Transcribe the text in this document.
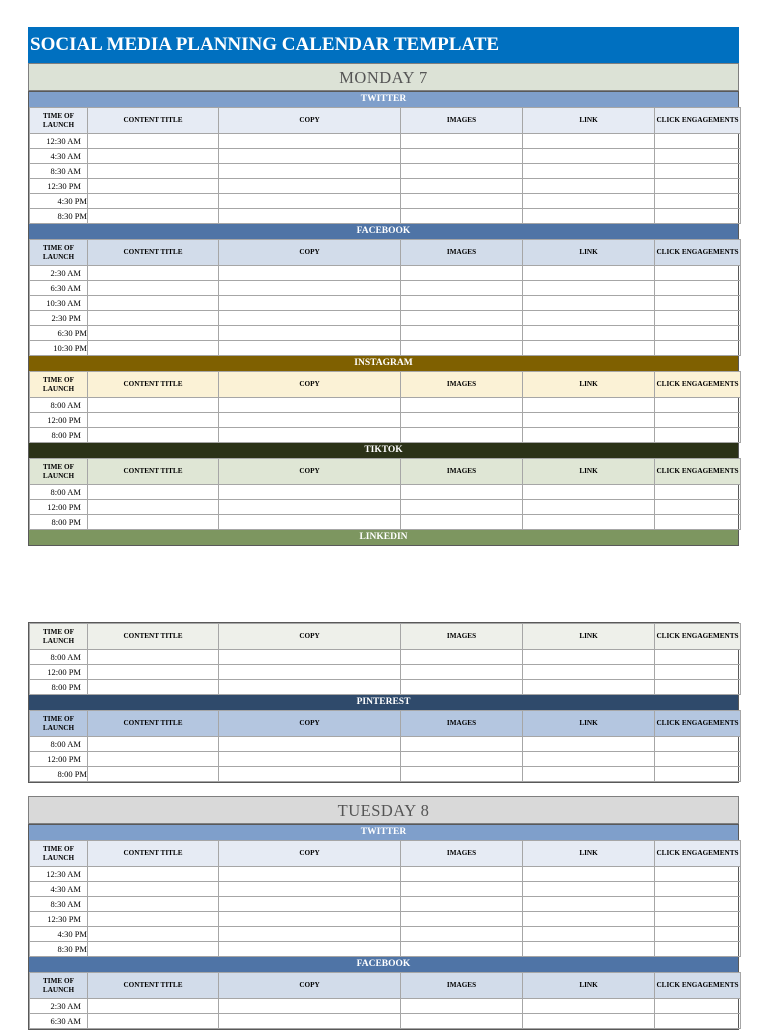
SOCIAL MEDIA PLANNING CALENDAR TEMPLATE
MONDAY 7
TWITTER
TIME OF LAUNCH	CONTENT TITLE	COPY	IMAGES	LINK	CLICK ENGAGEMENTS
12:30 AM					
4:30 AM					
8:30 AM					
12:30 PM					
4:30 PM					
8:30 PM					
FACEBOOK
TIME OF LAUNCH	CONTENT TITLE	COPY	IMAGES	LINK	CLICK ENGAGEMENTS
2:30 AM					
6:30 AM					
10:30 AM					
2:30 PM					
6:30 PM					
10:30 PM					
INSTAGRAM
TIME OF LAUNCH	CONTENT TITLE	COPY	IMAGES	LINK	CLICK ENGAGEMENTS
8:00 AM					
12:00 PM					
8:00 PM					
TIKTOK
TIME OF LAUNCH	CONTENT TITLE	COPY	IMAGES	LINK	CLICK ENGAGEMENTS
8:00 AM					
12:00 PM					
8:00 PM					
LINKEDIN
TIME OF LAUNCH	CONTENT TITLE	COPY	IMAGES	LINK	CLICK ENGAGEMENTS
8:00 AM					
12:00 PM					
8:00 PM					
PINTEREST
TIME OF LAUNCH	CONTENT TITLE	COPY	IMAGES	LINK	CLICK ENGAGEMENTS
8:00 AM					
12:00 PM					
8:00 PM					
TUESDAY 8
TWITTER
TIME OF LAUNCH	CONTENT TITLE	COPY	IMAGES	LINK	CLICK ENGAGEMENTS
12:30 AM					
4:30 AM					
8:30 AM					
12:30 PM					
4:30 PM					
8:30 PM					
FACEBOOK
TIME OF LAUNCH	CONTENT TITLE	COPY	IMAGES	LINK	CLICK ENGAGEMENTS
2:30 AM					
6:30 AM					
